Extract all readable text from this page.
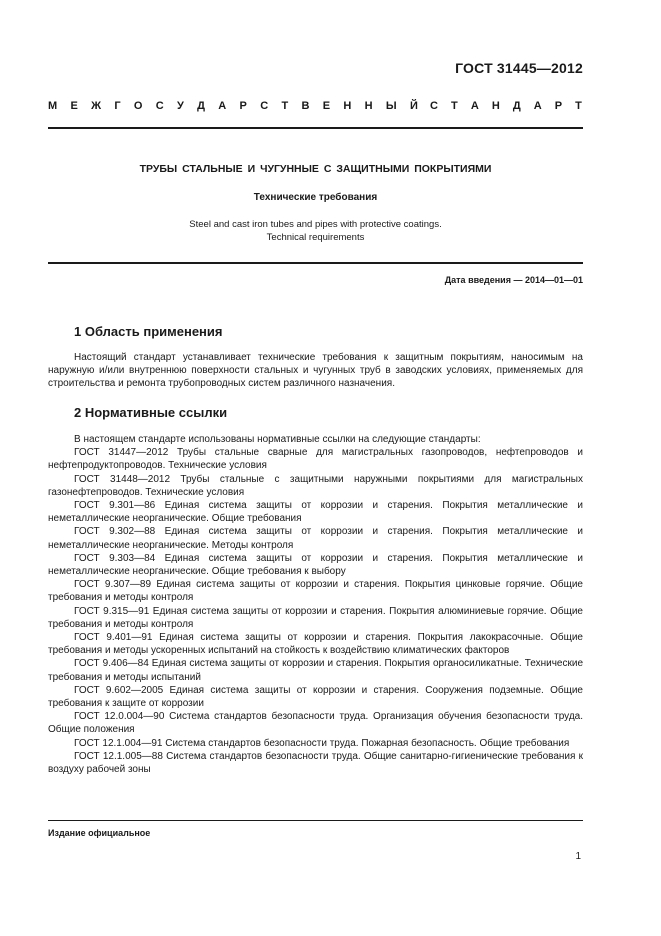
ГОСТ 31445—2012
М Е Ж Г О С У Д А Р С Т В Е Н Н Ы Й С Т А Н Д А Р Т
ТРУБЫ СТАЛЬНЫЕ И ЧУГУННЫЕ С ЗАЩИТНЫМИ ПОКРЫТИЯМИ
Технические требования
Steel and cast iron tubes and pipes with protective coatings.
Technical requirements
Дата введения — 2014—01—01
1 Область применения

Настоящий стандарт устанавливает технические требования к защитным покрытиям, наносимым на наружную и/или внутреннюю поверхности стальных и чугунных труб в заводских условиях, применяемых для строительства и ремонта трубопроводных систем различного назначения.

2 Нормативные ссылки

В настоящем стандарте использованы нормативные ссылки на следующие стандарты:

ГОСТ 31447—2012 Трубы стальные сварные для магистральных газопроводов, нефтепроводов и нефтепродуктопроводов. Технические условия

ГОСТ 31448—2012 Трубы стальные с защитными наружными покрытиями для магистральных газонефтепроводов. Технические условия

ГОСТ 9.301—86 Единая система защиты от коррозии и старения. Покрытия металлические и неметаллические неорганические. Общие требования

ГОСТ 9.302—88 Единая система защиты от коррозии и старения. Покрытия металлические и неметаллические неорганические. Методы контроля

ГОСТ 9.303—84 Единая система защиты от коррозии и старения. Покрытия металлические и неметаллические неорганические. Общие требования к выбору

ГОСТ 9.307—89 Единая система защиты от коррозии и старения. Покрытия цинковые горячие. Общие требования и методы контроля

ГОСТ 9.315—91 Единая система защиты от коррозии и старения. Покрытия алюминиевые горячие. Общие требования и методы контроля

ГОСТ 9.401—91 Единая система защиты от коррозии и старения. Покрытия лакокрасочные. Общие требования и методы ускоренных испытаний на стойкость к воздействию климатических факторов

ГОСТ 9.406—84 Единая система защиты от коррозии и старения. Покрытия органосиликатные. Технические требования и методы испытаний

ГОСТ 9.602—2005 Единая система защиты от коррозии и старения. Сооружения подземные. Общие требования к защите от коррозии

ГОСТ 12.0.004—90 Система стандартов безопасности труда. Организация обучения безопасности труда. Общие положения

ГОСТ 12.1.004—91 Система стандартов безопасности труда. Пожарная безопасность. Общие требования

ГОСТ 12.1.005—88 Система стандартов безопасности труда. Общие санитарно-гигиенические требования к воздуху рабочей зоны

Издание официальное
1
